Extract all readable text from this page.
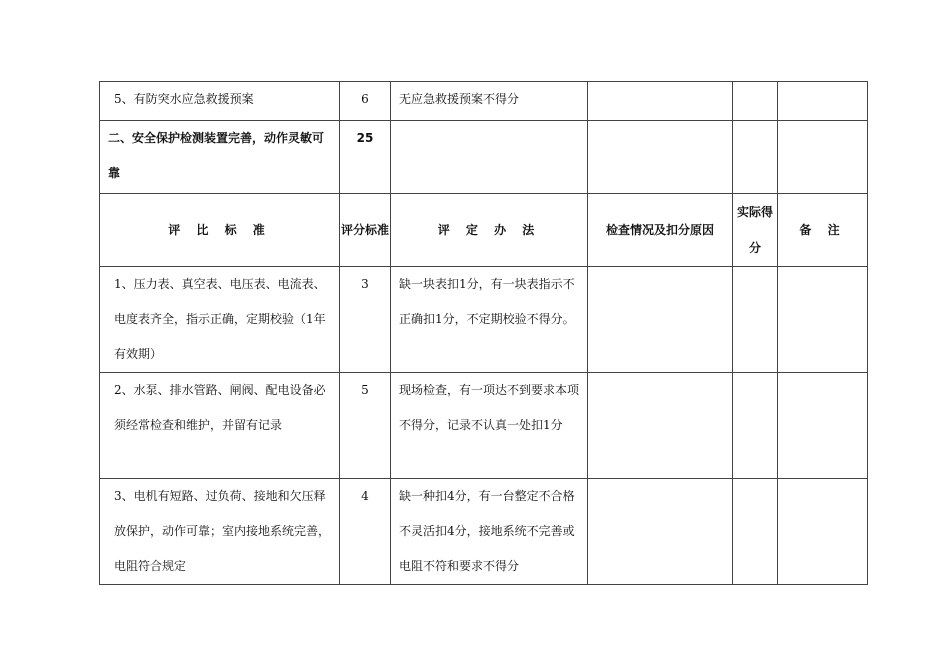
5、有防突水应急救援预案	6	无应急救援预案不得分			
二、安全保护检测装置完善，动作灵敏可靠	25				
评 比 标 准	评分标准	评 定 办 法	检查情况及扣分原因	实际得分	备 注
1、压力表、真空表、电压表、电流表、电度表齐全，指示正确，定期校验（1年有效期）	3	缺一块表扣1分，有一块表指示不正确扣1分，不定期校验不得分。			
2、水泵、排水管路、闸阀、配电设备必须经常检查和维护，并留有记录	5	现场检查，有一项达不到要求本项不得分，记录不认真一处扣1分			
3、电机有短路、过负荷、接地和欠压释放保护，动作可靠；室内接地系统完善，电阻符合规定	4	缺一种扣4分，有一台整定不合格不灵活扣4分，接地系统不完善或电阻不符和要求不得分			
